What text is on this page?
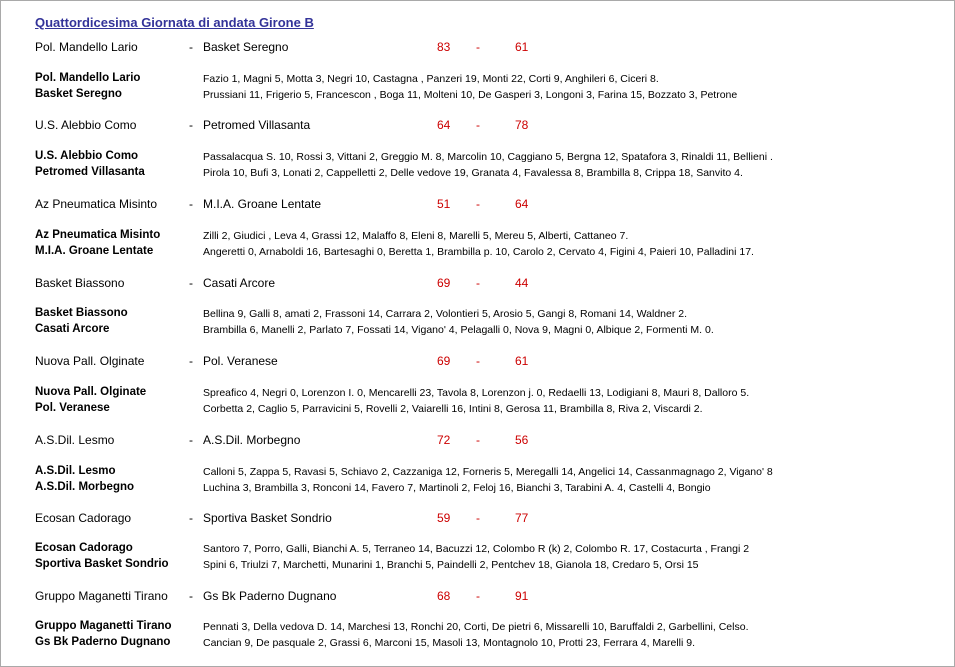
Quattordicesima Giornata di andata Girone B
Pol. Mandello Lario	- Basket Seregno	83 -	61
Pol. Mandello Lario	Fazio 1, Magni 5, Motta 3, Negri 10, Castagna , Panzeri 19, Monti 22, Corti 9, Anghileri 6, Ciceri 8.
Basket Seregno	Prussiani 11, Frigerio 5, Francescon , Boga 11, Molteni 10, De Gasperi 3, Longoni 3, Farina 15, Bozzato 3, Petrone
U.S. Alebbio Como	- Petromed Villasanta	64 -	78
U.S. Alebbio Como	Passalacqua S. 10, Rossi 3, Vittani 2, Greggio M. 8, Marcolin 10, Caggiano 5, Bergna 12, Spatafora 3, Rinaldi 11, Bellieni .
Petromed Villasanta	Pirola 10, Bufi 3, Lonati 2, Cappelletti 2, Delle vedove 19, Granata 4, Favalessa 8, Brambilla 8, Crippa 18, Sanvito 4.
Az Pneumatica Misinto	- M.I.A. Groane Lentate	51 -	64
Az Pneumatica Misinto	Zilli 2, Giudici , Leva 4, Grassi 12, Malaffo 8, Eleni 8, Marelli 5, Mereu 5, Alberti, Cattaneo 7.
M.I.A. Groane Lentate	Angeretti 0, Arnaboldi 16, Bartesaghi 0, Beretta 1, Brambilla p. 10, Carolo 2, Cervato 4, Figini 4, Paieri 10, Palladini 17.
Basket Biassono	- Casati Arcore	69 -	44
Basket Biassono	Bellina 9, Galli 8, amati 2, Frassoni 14, Carrara 2, Volontieri 5, Arosio 5, Gangi 8, Romani 14, Waldner 2.
Casati Arcore	Brambilla 6, Manelli 2, Parlato 7, Fossati 14, Vigano' 4, Pelagalli 0, Nova 9, Magni 0, Albique 2, Formenti M. 0.
Nuova Pall. Olginate	- Pol. Veranese	69 -	61
Nuova Pall. Olginate	Spreafico 4, Negri 0, Lorenzon I. 0, Mencarelli 23, Tavola 8, Lorenzon j. 0, Redaelli 13, Lodigiani 8, Mauri 8, Dalloro 5.
Pol. Veranese	Corbetta 2, Caglio 5, Parravicini 5, Rovelli 2, Vaiarelli 16, Intini 8, Gerosa 11, Brambilla 8, Riva 2, Viscardi 2.
A.S.Dil. Lesmo	- A.S.Dil. Morbegno	72 -	56
A.S.Dil. Lesmo	Calloni 5, Zappa 5, Ravasi 5, Schiavo 2, Cazzaniga 12, Forneris 5, Meregalli 14, Angelici 14, Cassanmagnago 2, Vigano' 8
A.S.Dil. Morbegno	Luchina 3, Brambilla 3, Ronconi 14, Favero 7, Martinoli 2, Feloj 16, Bianchi 3, Tarabini A. 4, Castelli 4, Bongio
Ecosan Cadorago	- Sportiva Basket Sondrio	59 -	77
Ecosan Cadorago	Santoro 7, Porro, Galli, Bianchi A. 5, Terraneo 14, Bacuzzi 12, Colombo R (k) 2, Colombo R. 17, Costacurta , Frangi 2
Sportiva Basket Sondrio	Spini 6, Triulzi 7, Marchetti, Munarini 1, Branchi 5, Paindelli 2, Pentchev 18, Gianola 18, Credaro 5, Orsi 15
Gruppo Maganetti Tirano - Gs Bk Paderno Dugnano	68 -	91
Gruppo Maganetti Tirano	Pennati 3, Della vedova D. 14, Marchesi 13, Ronchi 20, Corti, De pietri 6, Missarelli 10, Baruffaldi 2, Garbellini, Celso.
Gs Bk Paderno Dugnano	Cancian 9, De pasquale 2, Grassi 6, Marconi 15, Masoli 13, Montagnolo 10, Protti 23, Ferrara 4, Marelli 9.
